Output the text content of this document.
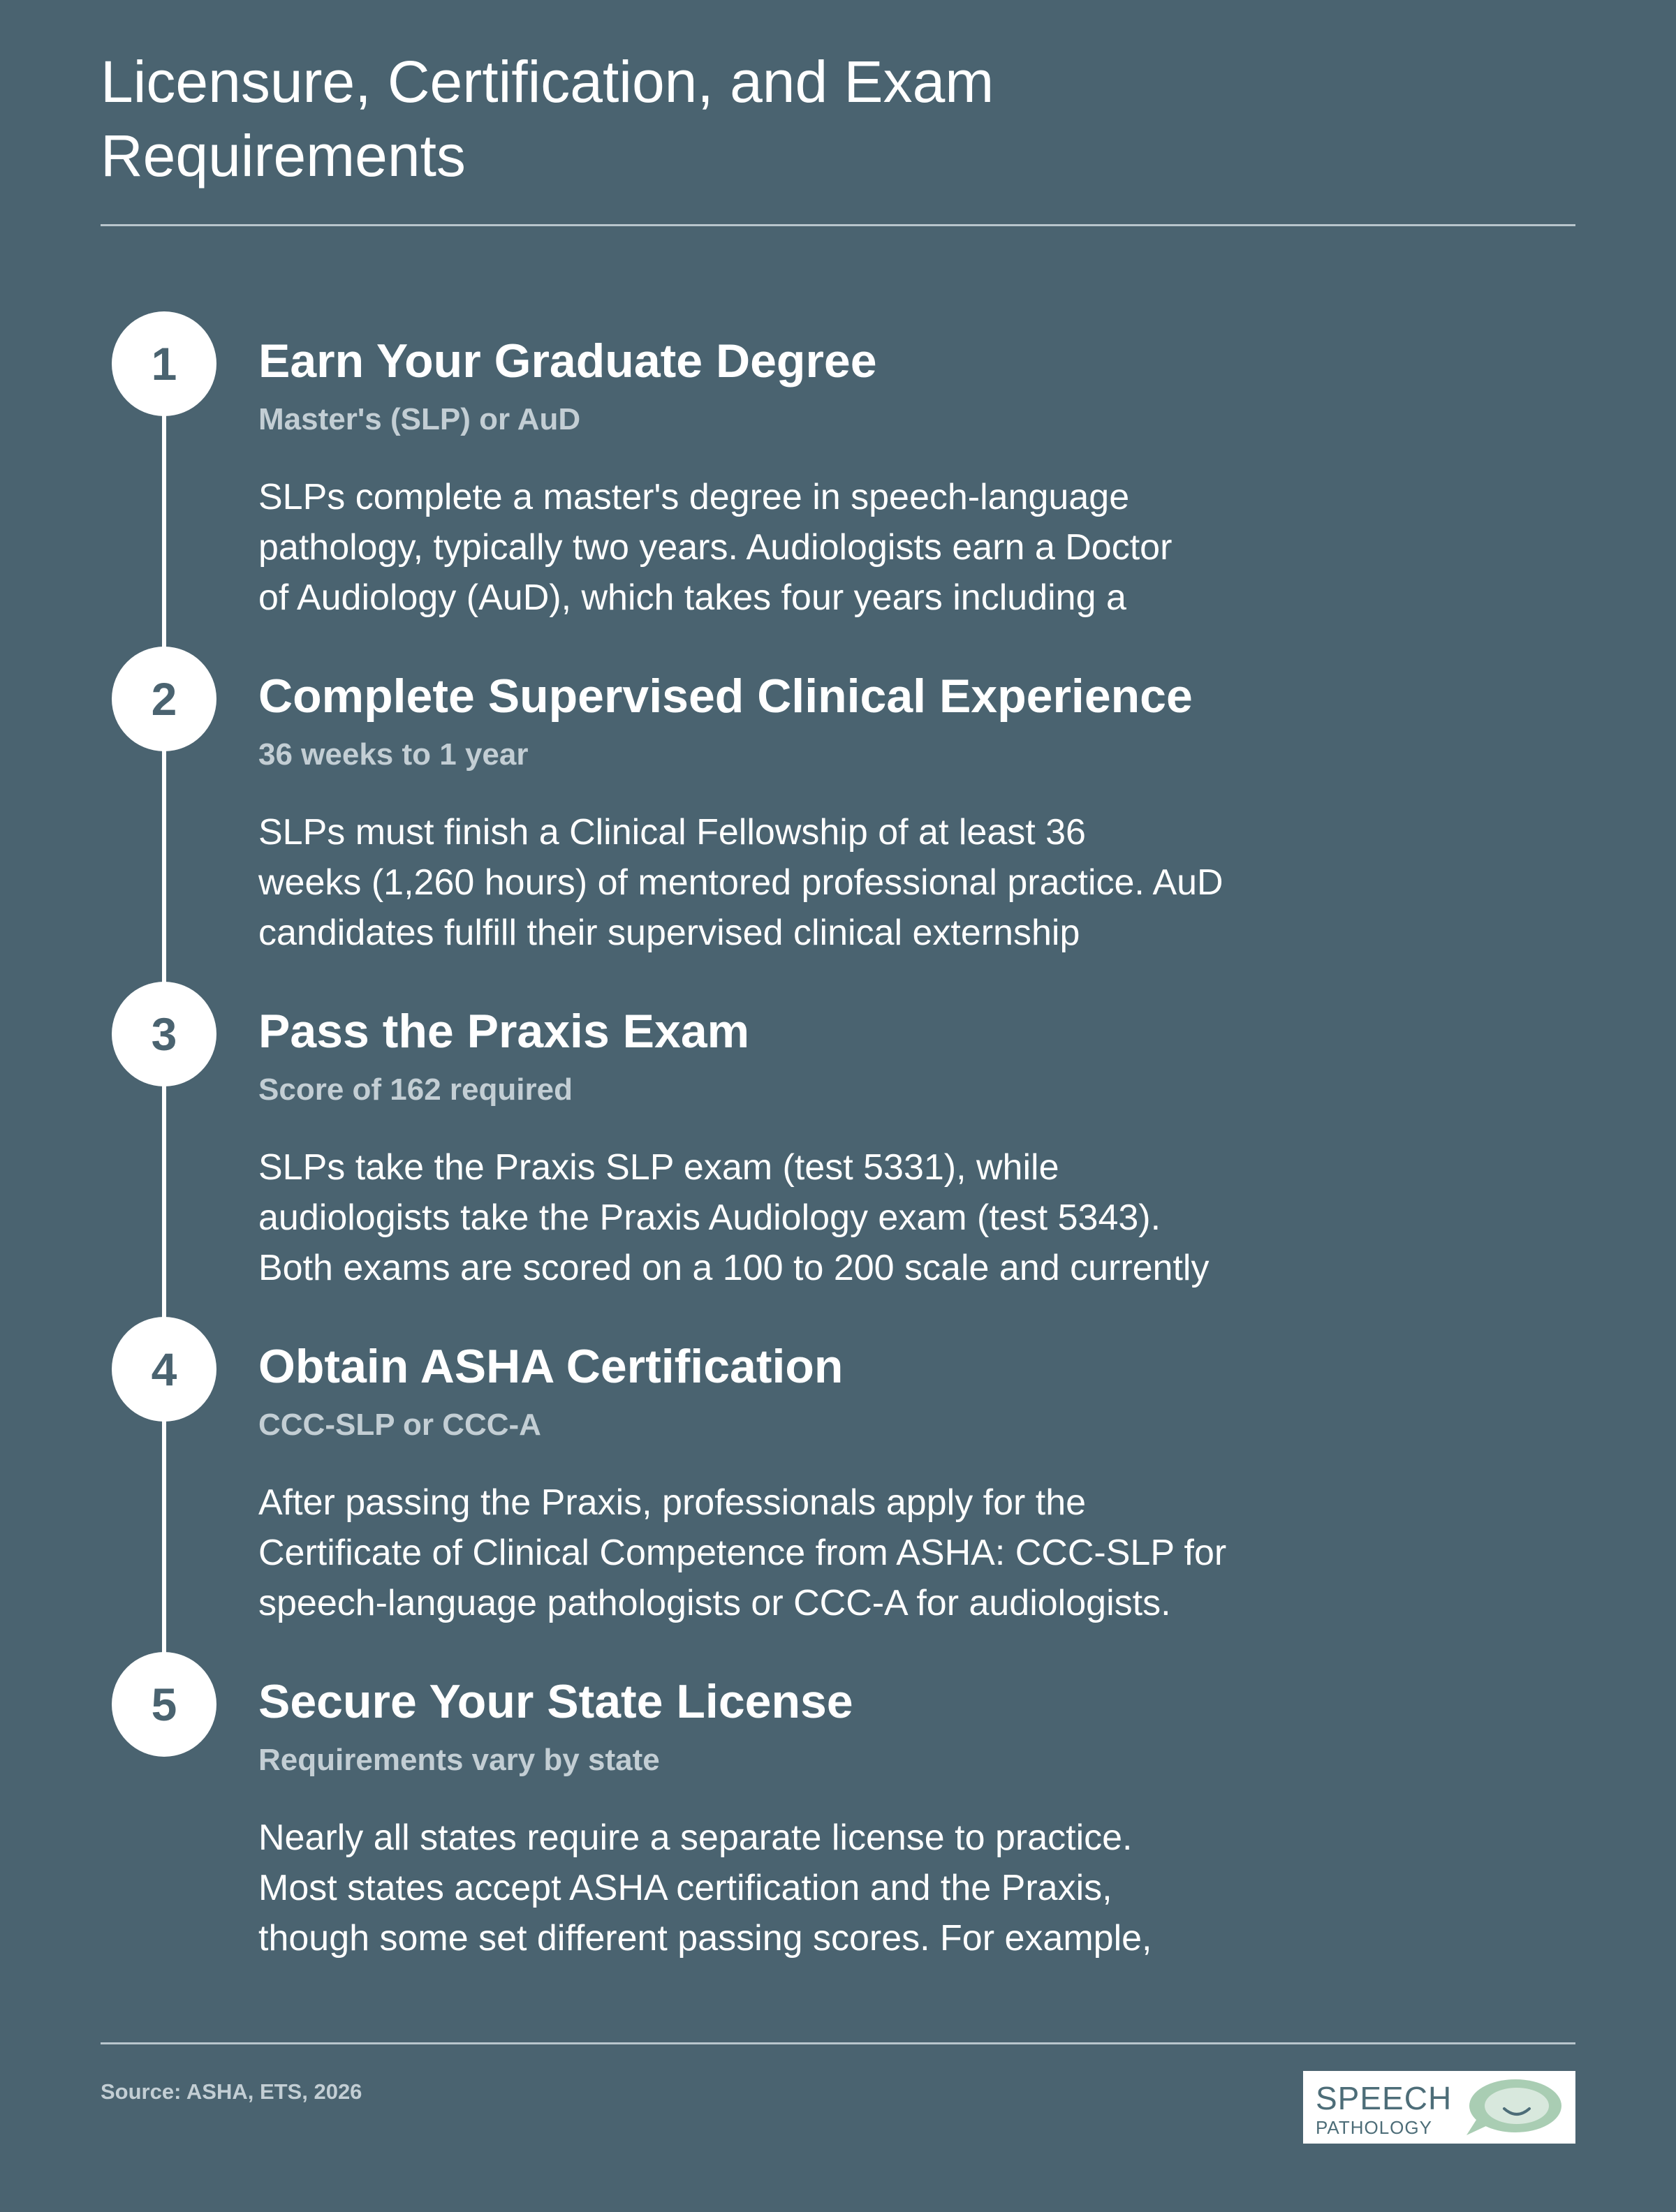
Licensure, Certification, and Exam
Requirements
1	Earn Your Graduate Degree
Master's (SLP) or AuD
SLPs complete a master's degree in speech-language
pathology, typically two years. Audiologists earn a Doctor
of Audiology (AuD), which takes four years including a
2	Complete Supervised Clinical Experience
36 weeks to 1 year
SLPs must finish a Clinical Fellowship of at least 36
weeks (1,260 hours) of mentored professional practice. AuD
candidates fulfill their supervised clinical externship
3	Pass the Praxis Exam
Score of 162 required
SLPs take the Praxis SLP exam (test 5331), while
audiologists take the Praxis Audiology exam (test 5343).
Both exams are scored on a 100 to 200 scale and currently
4	Obtain ASHA Certification
CCC-SLP or CCC-A
After passing the Praxis, professionals apply for the
Certificate of Clinical Competence from ASHA: CCC-SLP for
speech-language pathologists or CCC-A for audiologists.
5	Secure Your State License
Requirements vary by state
Nearly all states require a separate license to practice.
Most states accept ASHA certification and the Praxis,
though some set different passing scores. For example,
Source: ASHA, ETS, 2026	SPEECH
PATHOLOGY
